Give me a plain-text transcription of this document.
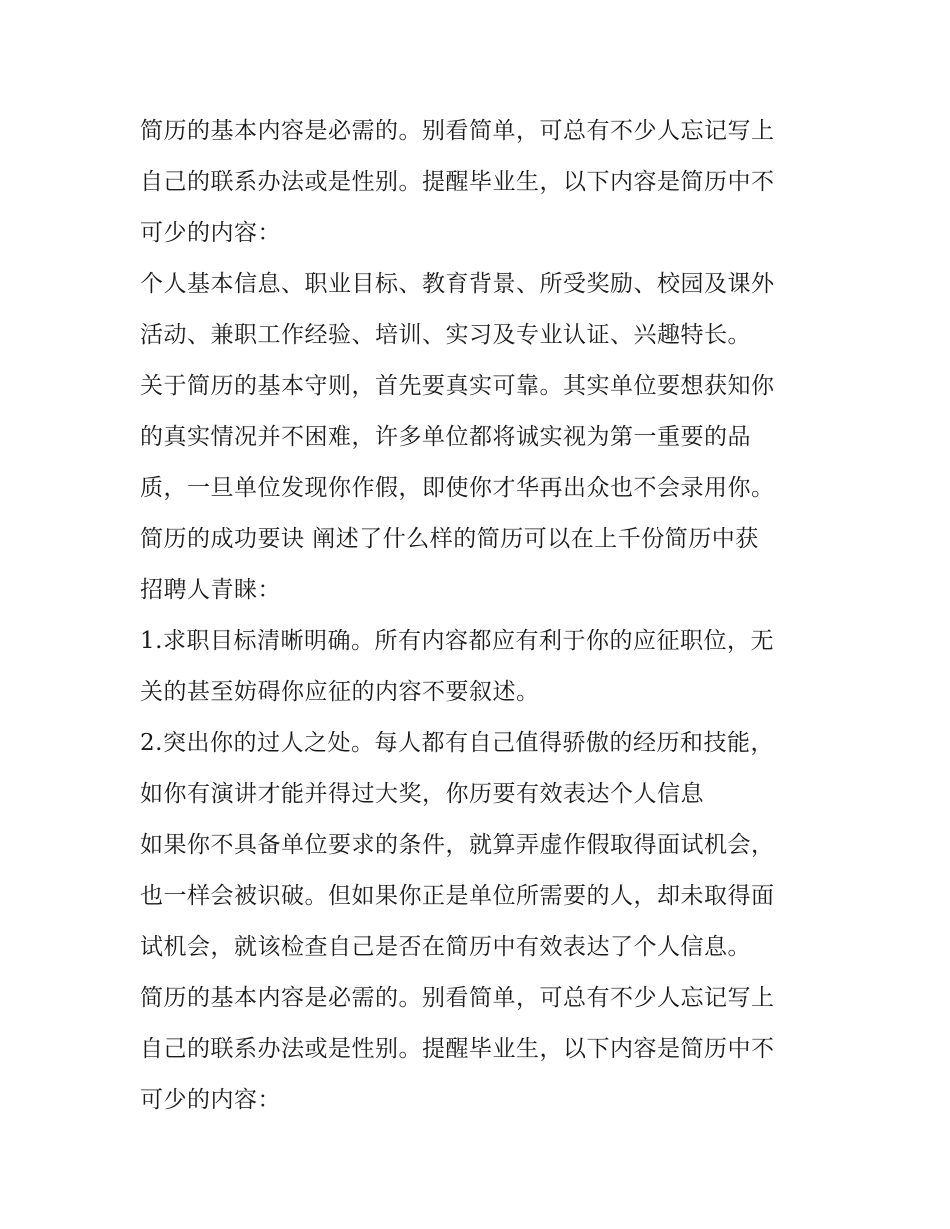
简历的基本内容是必需的。别看简单，可总有不少人忘记写上
自己的联系办法或是性别。提醒毕业生，以下内容是简历中不
可少的内容：
个人基本信息、职业目标、教育背景、所受奖励、校园及课外
活动、兼职工作经验、培训、实习及专业认证、兴趣特长。
关于简历的基本守则，首先要真实可靠。其实单位要想获知你
的真实情况并不困难，许多单位都将诚实视为第一重要的品
质，一旦单位发现你作假，即使你才华再出众也不会录用你。
简历的成功要诀 阐述了什么样的简历可以在上千份简历中获
招聘人青睐：
1.求职目标清晰明确。所有内容都应有利于你的应征职位，无
关的甚至妨碍你应征的内容不要叙述。
2.突出你的过人之处。每人都有自己值得骄傲的经历和技能，
如你有演讲才能并得过大奖，你历要有效表达个人信息
如果你不具备单位要求的条件，就算弄虚作假取得面试机会，
也一样会被识破。但如果你正是单位所需要的人，却未取得面
试机会，就该检查自己是否在简历中有效表达了个人信息。
简历的基本内容是必需的。别看简单，可总有不少人忘记写上
自己的联系办法或是性别。提醒毕业生，以下内容是简历中不
可少的内容：
